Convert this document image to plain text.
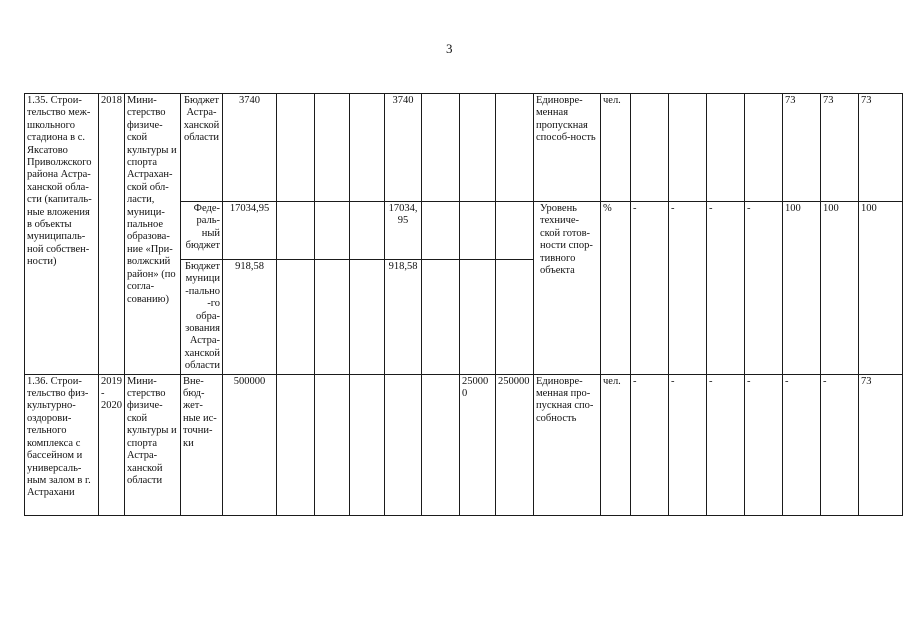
3
1.35. Строи-тельство меж-школьного стадиона в с. Яксатово Приволжского района Астра-ханской обла-сти (капиталь-ные вложения в объекты муниципаль-ной собствен-ности)	2018	Мини-стерство физиче-ской культуры и спорта Астрахан-ской обл-ласти, муници-пальное образова-ние «При-волжский район» (по согла-сованию)	Бюджет Астра-ханской области	3740				3740				Единовре-менная пропускная способ-ность	чел.					73	73	73
			Феде-раль-ный бюджет	17034,95				17034,95				Уровень техниче-ской готов-ности спор-тивного объекта	%	-	-	-	-	100	100	100
			Бюджет муници-пально-го обра-зования Астра-ханской области	918,58				918,58												
1.36. Строи-тельство физ-культурно-оздорови-тельного комплекса с бассейном и универсаль-ным залом в г. Астрахани	2019 - 2020	Мини-стерство физиче-ской культуры и спорта Астра-ханской области	Вне-бюд-жет-ные ис-точни-ки	500000						250000	250000	Единовре-менная про-пускная спо-собность	чел.	-	-	-	-	-	-	73
